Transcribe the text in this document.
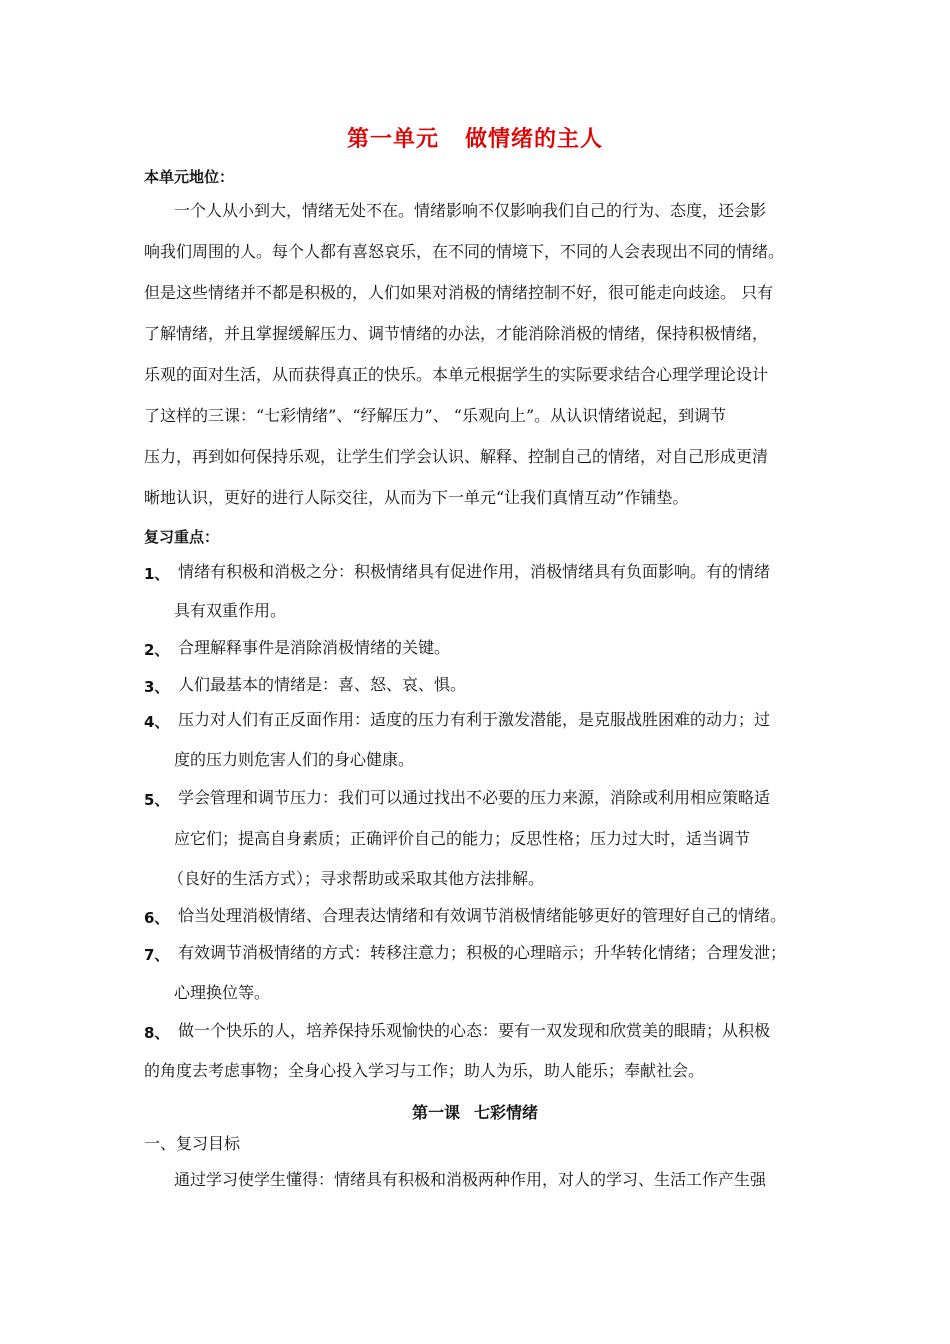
第一单元 做情绪的主人
本单元地位：
一个人从小到大，情绪无处不在。情绪影响不仅影响我们自己的行为、态度，还会影
响我们周围的人。每个人都有喜怒哀乐，在不同的情境下，不同的人会表现出不同的情绪。
但是这些情绪并不都是积极的，人们如果对消极的情绪控制不好，很可能走向歧途。 只有
了解情绪，并且掌握缓解压力、调节情绪的办法，才能消除消极的情绪，保持积极情绪，
乐观的面对生活，从而获得真正的快乐。本单元根据学生的实际要求结合心理学理论设计
了这样的三课：“七彩情绪”、“纾解压力”、 “乐观向上”。从认识情绪说起，到调节
压力，再到如何保持乐观，让学生们学会认识、解释、控制自己的情绪，对自己形成更清
晰地认识，更好的进行人际交往，从而为下一单元“让我们真情互动”作铺垫。
复习重点：
1、 情绪有积极和消极之分：积极情绪具有促进作用，消极情绪具有负面影响。有的情绪
具有双重作用。
2、 合理解释事件是消除消极情绪的关键。
3、 人们最基本的情绪是：喜、怒、哀、惧。
4、 压力对人们有正反面作用：适度的压力有利于激发潜能，是克服战胜困难的动力；过
度的压力则危害人们的身心健康。
5、 学会管理和调节压力：我们可以通过找出不必要的压力来源，消除或利用相应策略适
应它们；提高自身素质；正确评价自己的能力；反思性格；压力过大时，适当调节
（良好的生活方式）；寻求帮助或采取其他方法排解。
6、 恰当处理消极情绪、合理表达情绪和有效调节消极情绪能够更好的管理好自己的情绪。
7、 有效调节消极情绪的方式：转移注意力；积极的心理暗示；升华转化情绪；合理发泄；
心理换位等。
8、 做一个快乐的人，培养保持乐观愉快的心态：要有一双发现和欣赏美的眼睛；从积极
的角度去考虑事物；全身心投入学习与工作；助人为乐，助人能乐；奉献社会。
第一课 七彩情绪
一、复习目标
通过学习使学生懂得：情绪具有积极和消极两种作用，对人的学习、生活工作产生强
